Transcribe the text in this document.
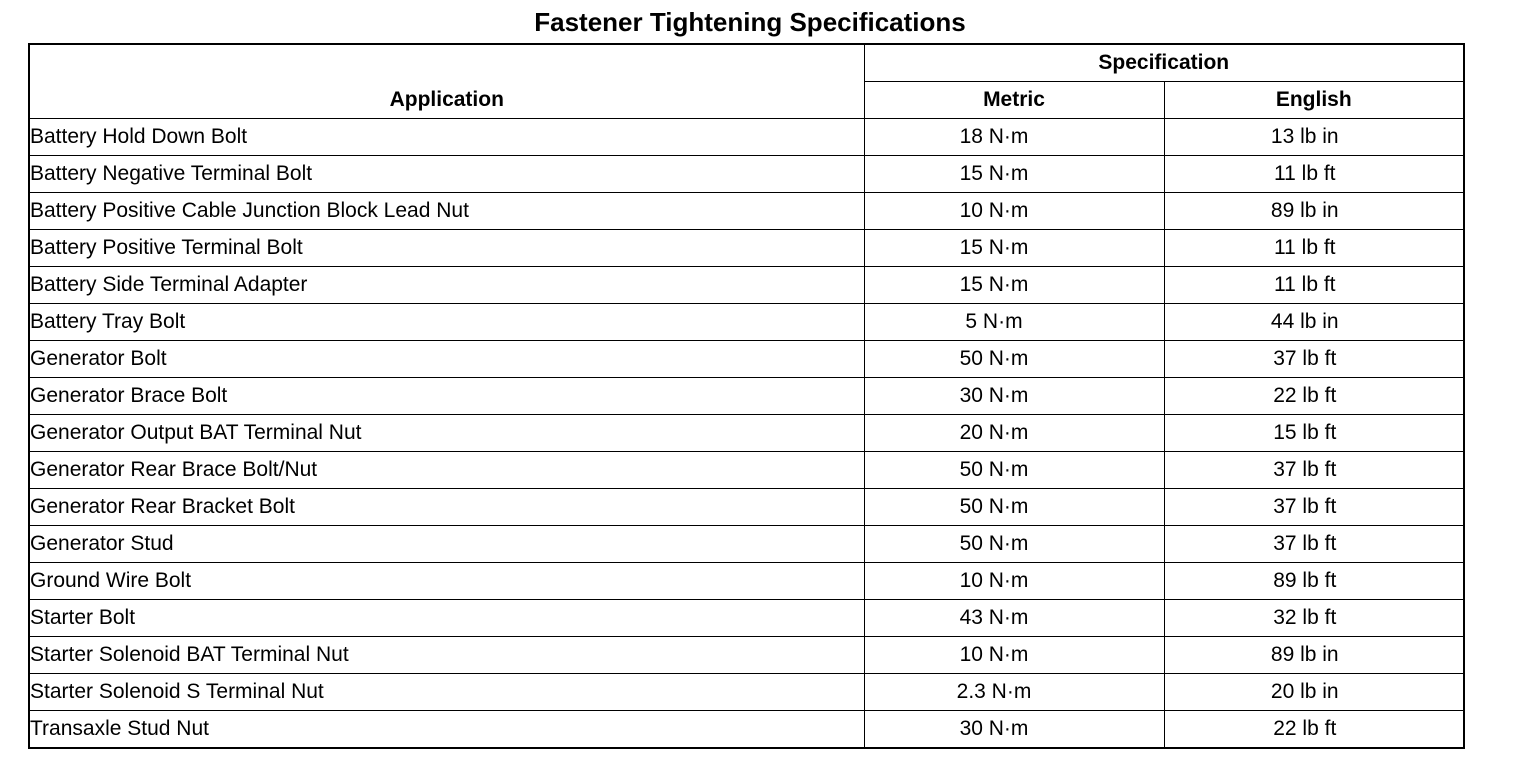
Fastener Tightening Specifications
Application	Specification	
	Metric	English
Battery Hold Down Bolt	18 N·m	13 lb in
Battery Negative Terminal Bolt	15 N·m	11 lb ft
Battery Positive Cable Junction Block Lead Nut	10 N·m	89 lb in
Battery Positive Terminal Bolt	15 N·m	11 lb ft
Battery Side Terminal Adapter	15 N·m	11 lb ft
Battery Tray Bolt	5 N·m	44 lb in
Generator Bolt	50 N·m	37 lb ft
Generator Brace Bolt	30 N·m	22 lb ft
Generator Output BAT Terminal Nut	20 N·m	15 lb ft
Generator Rear Brace Bolt/Nut	50 N·m	37 lb ft
Generator Rear Bracket Bolt	50 N·m	37 lb ft
Generator Stud	50 N·m	37 lb ft
Ground Wire Bolt	10 N·m	89 lb ft
Starter Bolt	43 N·m	32 lb ft
Starter Solenoid BAT Terminal Nut	10 N·m	89 lb in
Starter Solenoid S Terminal Nut	2.3 N·m	20 lb in
Transaxle Stud Nut	30 N·m	22 lb ft
